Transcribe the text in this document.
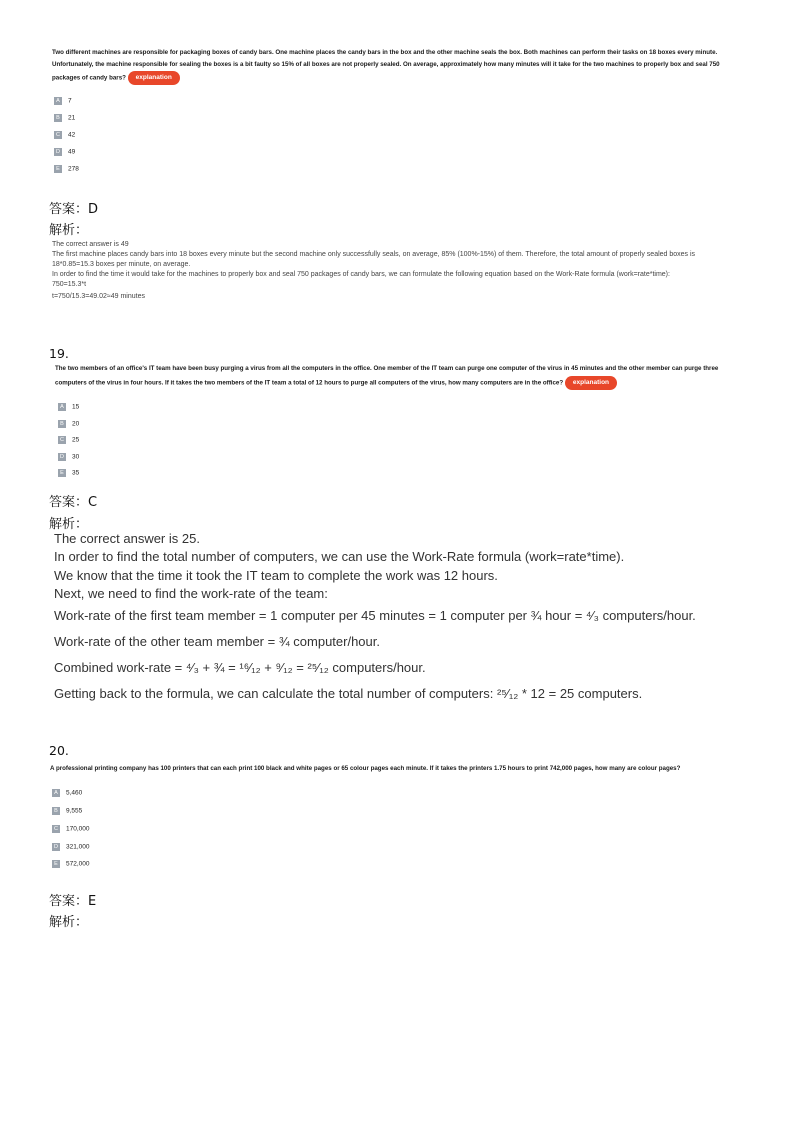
Two different machines are responsible for packaging boxes of candy bars. One machine places the candy bars in the box and the other machine seals the box. Both machines can perform their tasks on 18 boxes every minute.
Unfortunately, the machine responsible for sealing the boxes is a bit faulty so 15% of all boxes are not properly sealed. On average, approximately how many minutes will it take for the two machines to properly box and seal 750
packages of candy bars? explanation
A 7
B 21
C 42
D 49
E 278
答案：D
解析：
The correct answer is 49
The first machine places candy bars into 18 boxes every minute but the second machine only successfully seals, on average, 85% (100%-15%) of them. Therefore, the total amount of properly sealed boxes is
18*0.85=15.3 boxes per minute, on average.
In order to find the time it would take for the machines to properly box and seal 750 packages of candy bars, we can formulate the following equation based on the Work-Rate formula (work=rate*time):
750=15.3*t
t=750/15.3=49.02≈49 minutes
19.
The two members of an office's IT team have been busy purging a virus from all the computers in the office. One member of the IT team can purge one computer of the virus in 45 minutes and the other member can purge three
computers of the virus in four hours. If it takes the two members of the IT team a total of 12 hours to purge all computers of the virus, how many computers are in the office? explanation
A 15
B 20
C 25
D 30
E 35
答案：C
解析：
The correct answer is 25.
In order to find the total number of computers, we can use the Work-Rate formula (work=rate*time).
We know that the time it took the IT team to complete the work was 12 hours.
Next, we need to find the work-rate of the team:
Work-rate of the first team member = 1 computer per 45 minutes = 1 computer per ¾ hour = ⁴⁄₃ computers/hour.
Work-rate of the other team member = ¾ computer/hour.
Combined work-rate = ⁴⁄₃ + ¾ = ¹⁶⁄₁₂ + ⁹⁄₁₂ = ²⁵⁄₁₂ computers/hour.
Getting back to the formula, we can calculate the total number of computers: ²⁵⁄₁₂ * 12 = 25 computers.
20.
A professional printing company has 100 printers that can each print 100 black and white pages or 65 colour pages each minute. If it takes the printers 1.75 hours to print 742,000 pages, how many are colour pages?
A 5,460
B 9,555
C 170,000
D 321,000
E 572,000
答案：E
解析：
